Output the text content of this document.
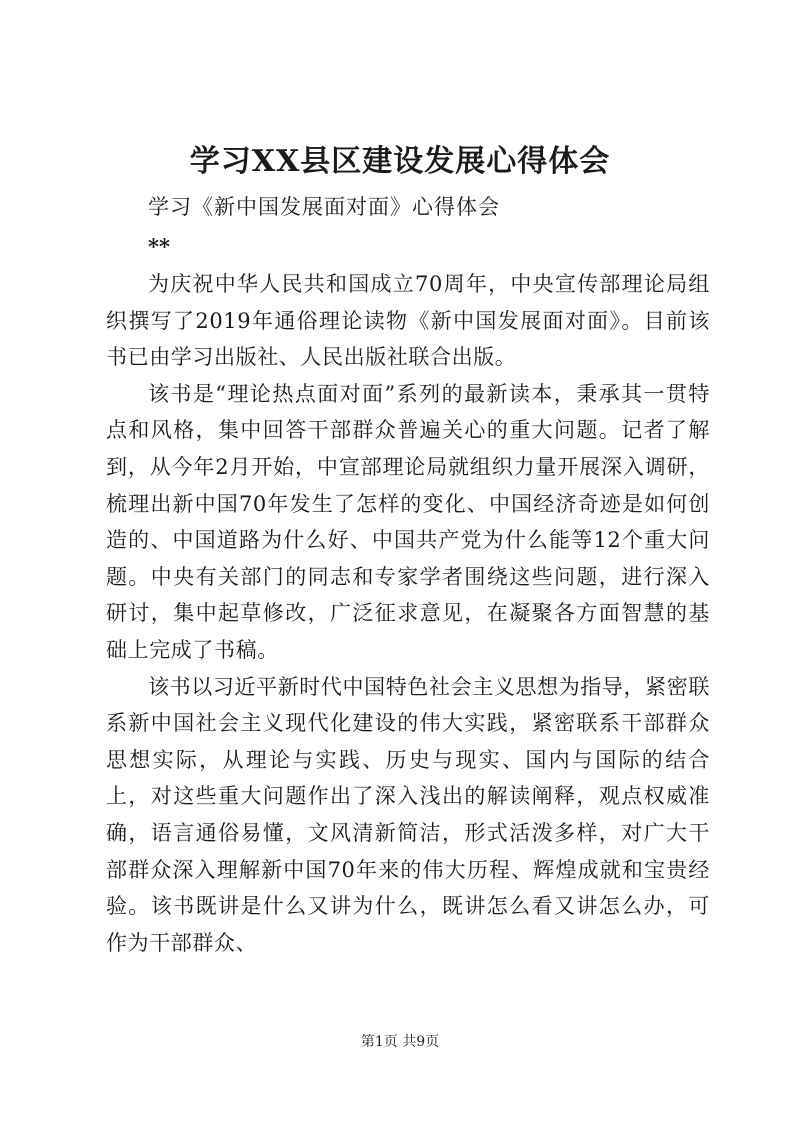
学习XX县区建设发展心得体会

学习《新中国发展面对面》心得体会

**

为庆祝中华人民共和国成立70周年，中央宣传部理论局组织撰写了2019年通俗理论读物《新中国发展面对面》。目前该书已由学习出版社、人民出版社联合出版。

该书是“理论热点面对面”系列的最新读本，秉承其一贯特点和风格，集中回答干部群众普遍关心的重大问题。记者了解到，从今年2月开始，中宣部理论局就组织力量开展深入调研，梳理出新中国70年发生了怎样的变化、中国经济奇迹是如何创造的、中国道路为什么好、中国共产党为什么能等12个重大问题。中央有关部门的同志和专家学者围绕这些问题，进行深入研讨，集中起草修改，广泛征求意见，在凝聚各方面智慧的基础上完成了书稿。

该书以习近平新时代中国特色社会主义思想为指导，紧密联系新中国社会主义现代化建设的伟大实践，紧密联系干部群众思想实际，从理论与实践、历史与现实、国内与国际的结合上，对这些重大问题作出了深入浅出的解读阐释，观点权威准确，语言通俗易懂，文风清新简洁，形式活泼多样，对广大干部群众深入理解新中国70年来的伟大历程、辉煌成就和宝贵经验。该书既讲是什么又讲为什么，既讲怎么看又讲怎么办，可作为干部群众、

第1页 共9页
